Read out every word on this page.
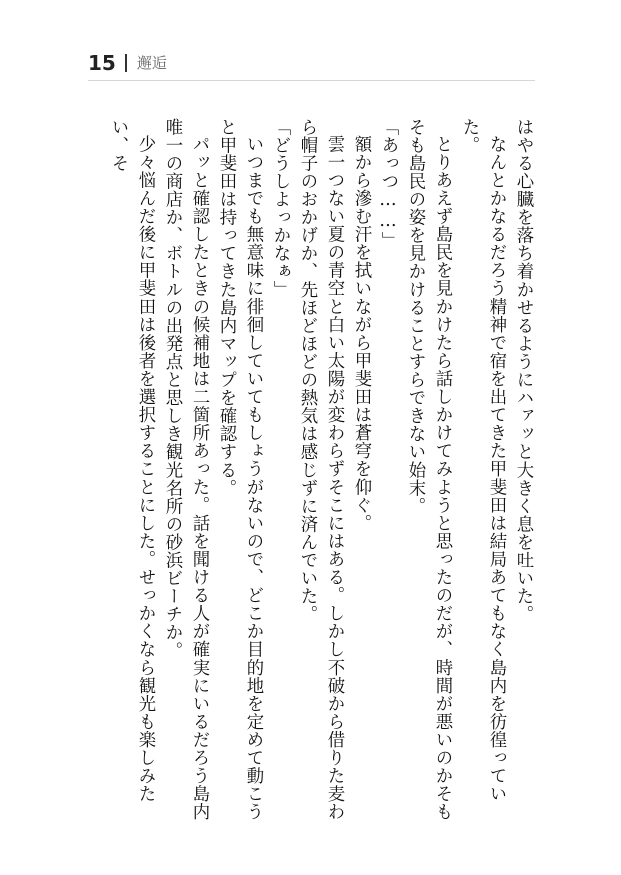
15 邂逅

はやる心臓を落ち着かせるようにハァッと大きく息を吐いた。

なんとかなるだろう精神で宿を出てきた甲斐田は結局あてもなく島内を彷徨っていた。

とりあえず島民を見かけたら話しかけてみようと思ったのだが、時間が悪いのかそもそも島民の姿を見かけることすらできない始末。

「あっつ……」

額から滲む汗を拭いながら甲斐田は蒼穹を仰ぐ。

雲一つない夏の青空と白い太陽が変わらずそこにはある。しかし不破から借りた麦わら帽子のおかげか、先ほどほどの熱気は感じずに済んでいた。

「どうしよっかなぁ」

いつまでも無意味に徘徊していてもしょうがないので、どこか目的地を定めて動こうと甲斐田は持ってきた島内マップを確認する。

パッと確認したときの候補地は二箇所あった。話を聞ける人が確実にいるだろう島内唯一の商店か、ボトルの出発点と思しき観光名所の砂浜ビーチか。

少々悩んだ後に甲斐田は後者を選択することにした。せっかくなら観光も楽しみたい、そ
